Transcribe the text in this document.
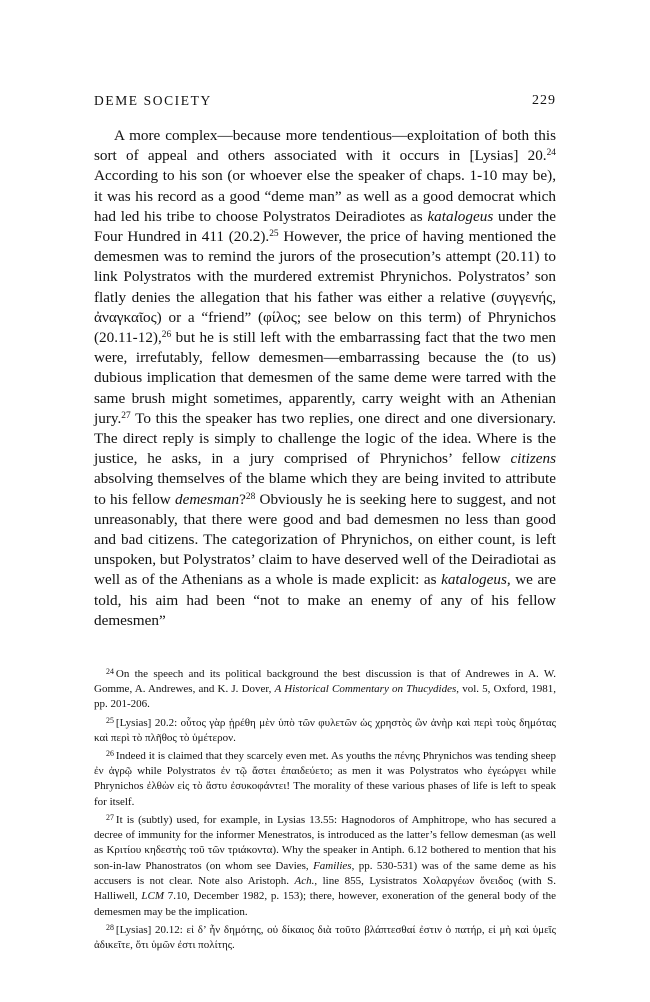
DEME SOCIETY	229

A more complex—because more tendentious—exploitation of both this sort of appeal and others associated with it occurs in [Lysias] 20.24 According to his son (or whoever else the speaker of chaps. 1-10 may be), it was his record as a good “deme man” as well as a good democrat which had led his tribe to choose Polystratos Deiradiotes as katalogeus under the Four Hundred in 411 (20.2).$^{25}$ However, the price of having mentioned the demesmen was to remind the jurors of the prosecution’s attempt (20.11) to link Polystratos with the murdered extremist Phrynichos. Polystratos’ son flatly denies the allegation that his father was either a relative (συγγενής, ἀναγκαῖος) or a “friend” (φίλος; see below on this term) of Phrynichos (20.11-12),$^{26}$ but he is still left with the embarrassing fact that the two men were, irrefutably, fellow demesmen—embarrassing because the (to us) dubious implication that demesmen of the same deme were tarred with the same brush might sometimes, apparently, carry weight with an Athenian jury.$^{27}$ To this the speaker has two replies, one direct and one diversionary. The direct reply is simply to challenge the logic of the idea. Where is the justice, he asks, in a jury comprised of Phrynichos’ fellow citizens absolving themselves of the blame which they are being invited to attribute to his fellow demesman?$^{28}$ Obviously he is seeking here to suggest, and not unreasonably, that there were good and bad demesmen no less than good and bad citizens. The categorization of Phrynichos, on either count, is left unspoken, but Polystratos’ claim to have deserved well of the Deiradiotai as well as of the Athenians as a whole is made explicit: as katalogeus, we are told, his aim had been “not to make an enemy of any of his fellow demesmen”

$^{24}$ On the speech and its political background the best discussion is that of Andrewes in A. W. Gomme, A. Andrewes, and K. J. Dover, A Historical Commentary on Thucydides, vol. 5, Oxford, 1981, pp. 201-206.

$^{25}$ [Lysias] 20.2: οὗτος γὰρ ᾑρέθη μὲν ὑπὸ τῶν φυλετῶν ὡς χρηστὸς ὢν ἀνὴρ καὶ περὶ τοὺς δημότας καὶ περὶ τὸ πλῆθος τὸ ὑμέτερον.

$^{26}$ Indeed it is claimed that they scarcely even met. As youths the πένης Phrynichos was tending sheep ἐν ἀγρῷ while Polystratos ἐν τῷ ἄστει ἐπαιδεύετο; as men it was Polystratos who ἐγεώργει while Phrynichos ἐλθὼν εἰς τὸ ἄστυ ἐσυκοφάντει! The morality of these various phases of life is left to speak for itself.

$^{27}$ It is (subtly) used, for example, in Lysias 13.55: Hagnodoros of Amphitrope, who has secured a decree of immunity for the informer Menestratos, is introduced as the latter’s fellow demesman (as well as Κριτίου κηδεστὴς τοῦ τῶν τριάκοντα). Why the speaker in Antiph. 6.12 bothered to mention that his son-in-law Phanostratos (on whom see Davies, Families, pp. 530-531) was of the same deme as his accusers is not clear. Note also Aristoph. Ach., line 855, Lysistratos Χολαργέων ὄνειδος (with S. Halliwell, LCM 7.10, December 1982, p. 153); there, however, exoneration of the general body of the demesmen may be the implication.

$^{28}$ [Lysias] 20.12: εἰ δ’ ἦν δημότης, οὐ δίκαιος διὰ τοῦτο βλάπτεσθαί ἐστιν ὁ πατήρ, εἰ μὴ καὶ ὑμεῖς ἀδικεῖτε, ὅτι ὑμῶν ἐστι πολίτης.
